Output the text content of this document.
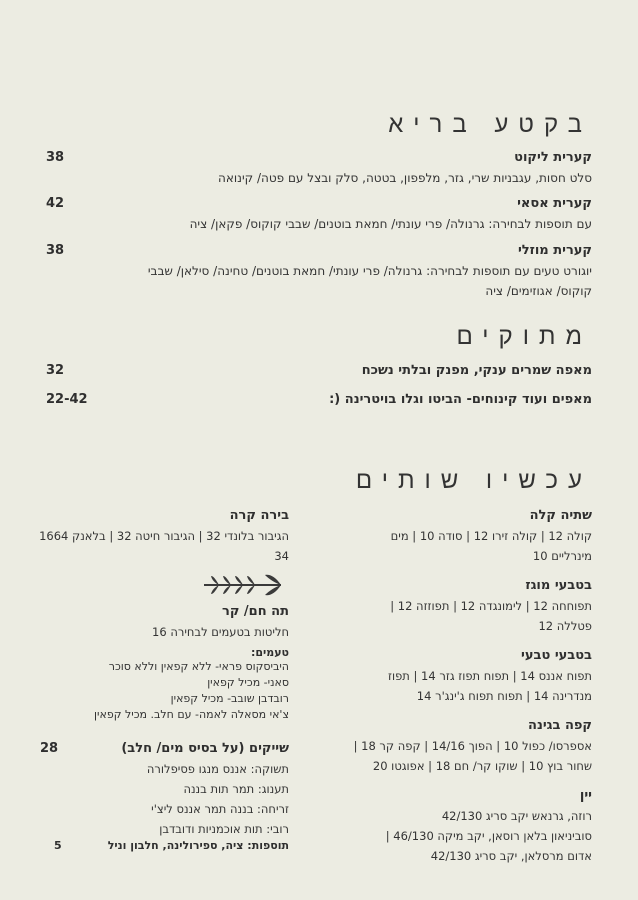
בקטע בריא
קערית ליקוט
38
סלט חסות, עגבניות שרי, גזר, מלפפון, בטטה, סלק ובצל עם פטה/ קינואה
קערית אסאי
42
עם תוספות לבחירה: גרנולה/ פרי עונתי/ חמאת בוטנים/ שבבי קוקוס/ פקאן/ ציה
קערית מוזלי
38
יוגורט טעים עם תוספות לבחירה: גרנולה/ פרי עונתי/ חמאת בוטנים/ טחינה/ סילאן/ שבבי קוקוס/ אגוזימים/ ציה
מתוקים
מאפה שמרים ענקי, מפנק ובלתי נשכח
32
מאפים ועוד קינוחים- הביטו וגלו בויטרינה (:
22-42
עכשיו שותים
שתיה קלה
קולה 12 | קולה זירו 12 | סודה 10 | מים מינרליים 10
בטבעי מוגז
תפוחחה 12 | לימונגדה 12 | תפוזזה 12 | פטללה 12
בטבעי טבעי
תפוח אננס 14 | תפוח תפוז גזר 14 | תפוז מנדרינה 14 | תפוח תפוח ג'ינג'ר 14
קפה בגינה
אספרסו/ כפול 10 | הפוך 14/16 | קפה קר 18 | שחור בוץ 10 | שוקו קר/ חם 18 | אפוגטו 20
יין
רוזה, גרנאש יקב סריג 42/130
סוביניאון בלאן רוסאן, יקב מיקה 46/130 |
אדום מרסלאן, יקב סריג 42/130
בירה קרה
הגיבור בלונדי 32 | הגיבור חיטה 32 | בלאנק 1664 34
תה חם/ קר
חליטות בטעמים לבחירה 16
טעמים:
היביסקוס פראי- ללא קפאין וללא סוכר
סאני- מכיל קפאין
רובדבן שובב- מכיל קפאין
צ'אי מסאלה לאמה- עם חלב. מכיל קפאין
שייקים (על בסיס מים/ חלב)
28
תשוקה: אננס מנגו פסיפלורה
תענוג: תמר תות בננה
זריחה: בננה תמר אננס ליצ'י
רובי: תות אוכמניות ודובדבן
תוספות: ציה, ספירולינה, חלבון וניל
5
